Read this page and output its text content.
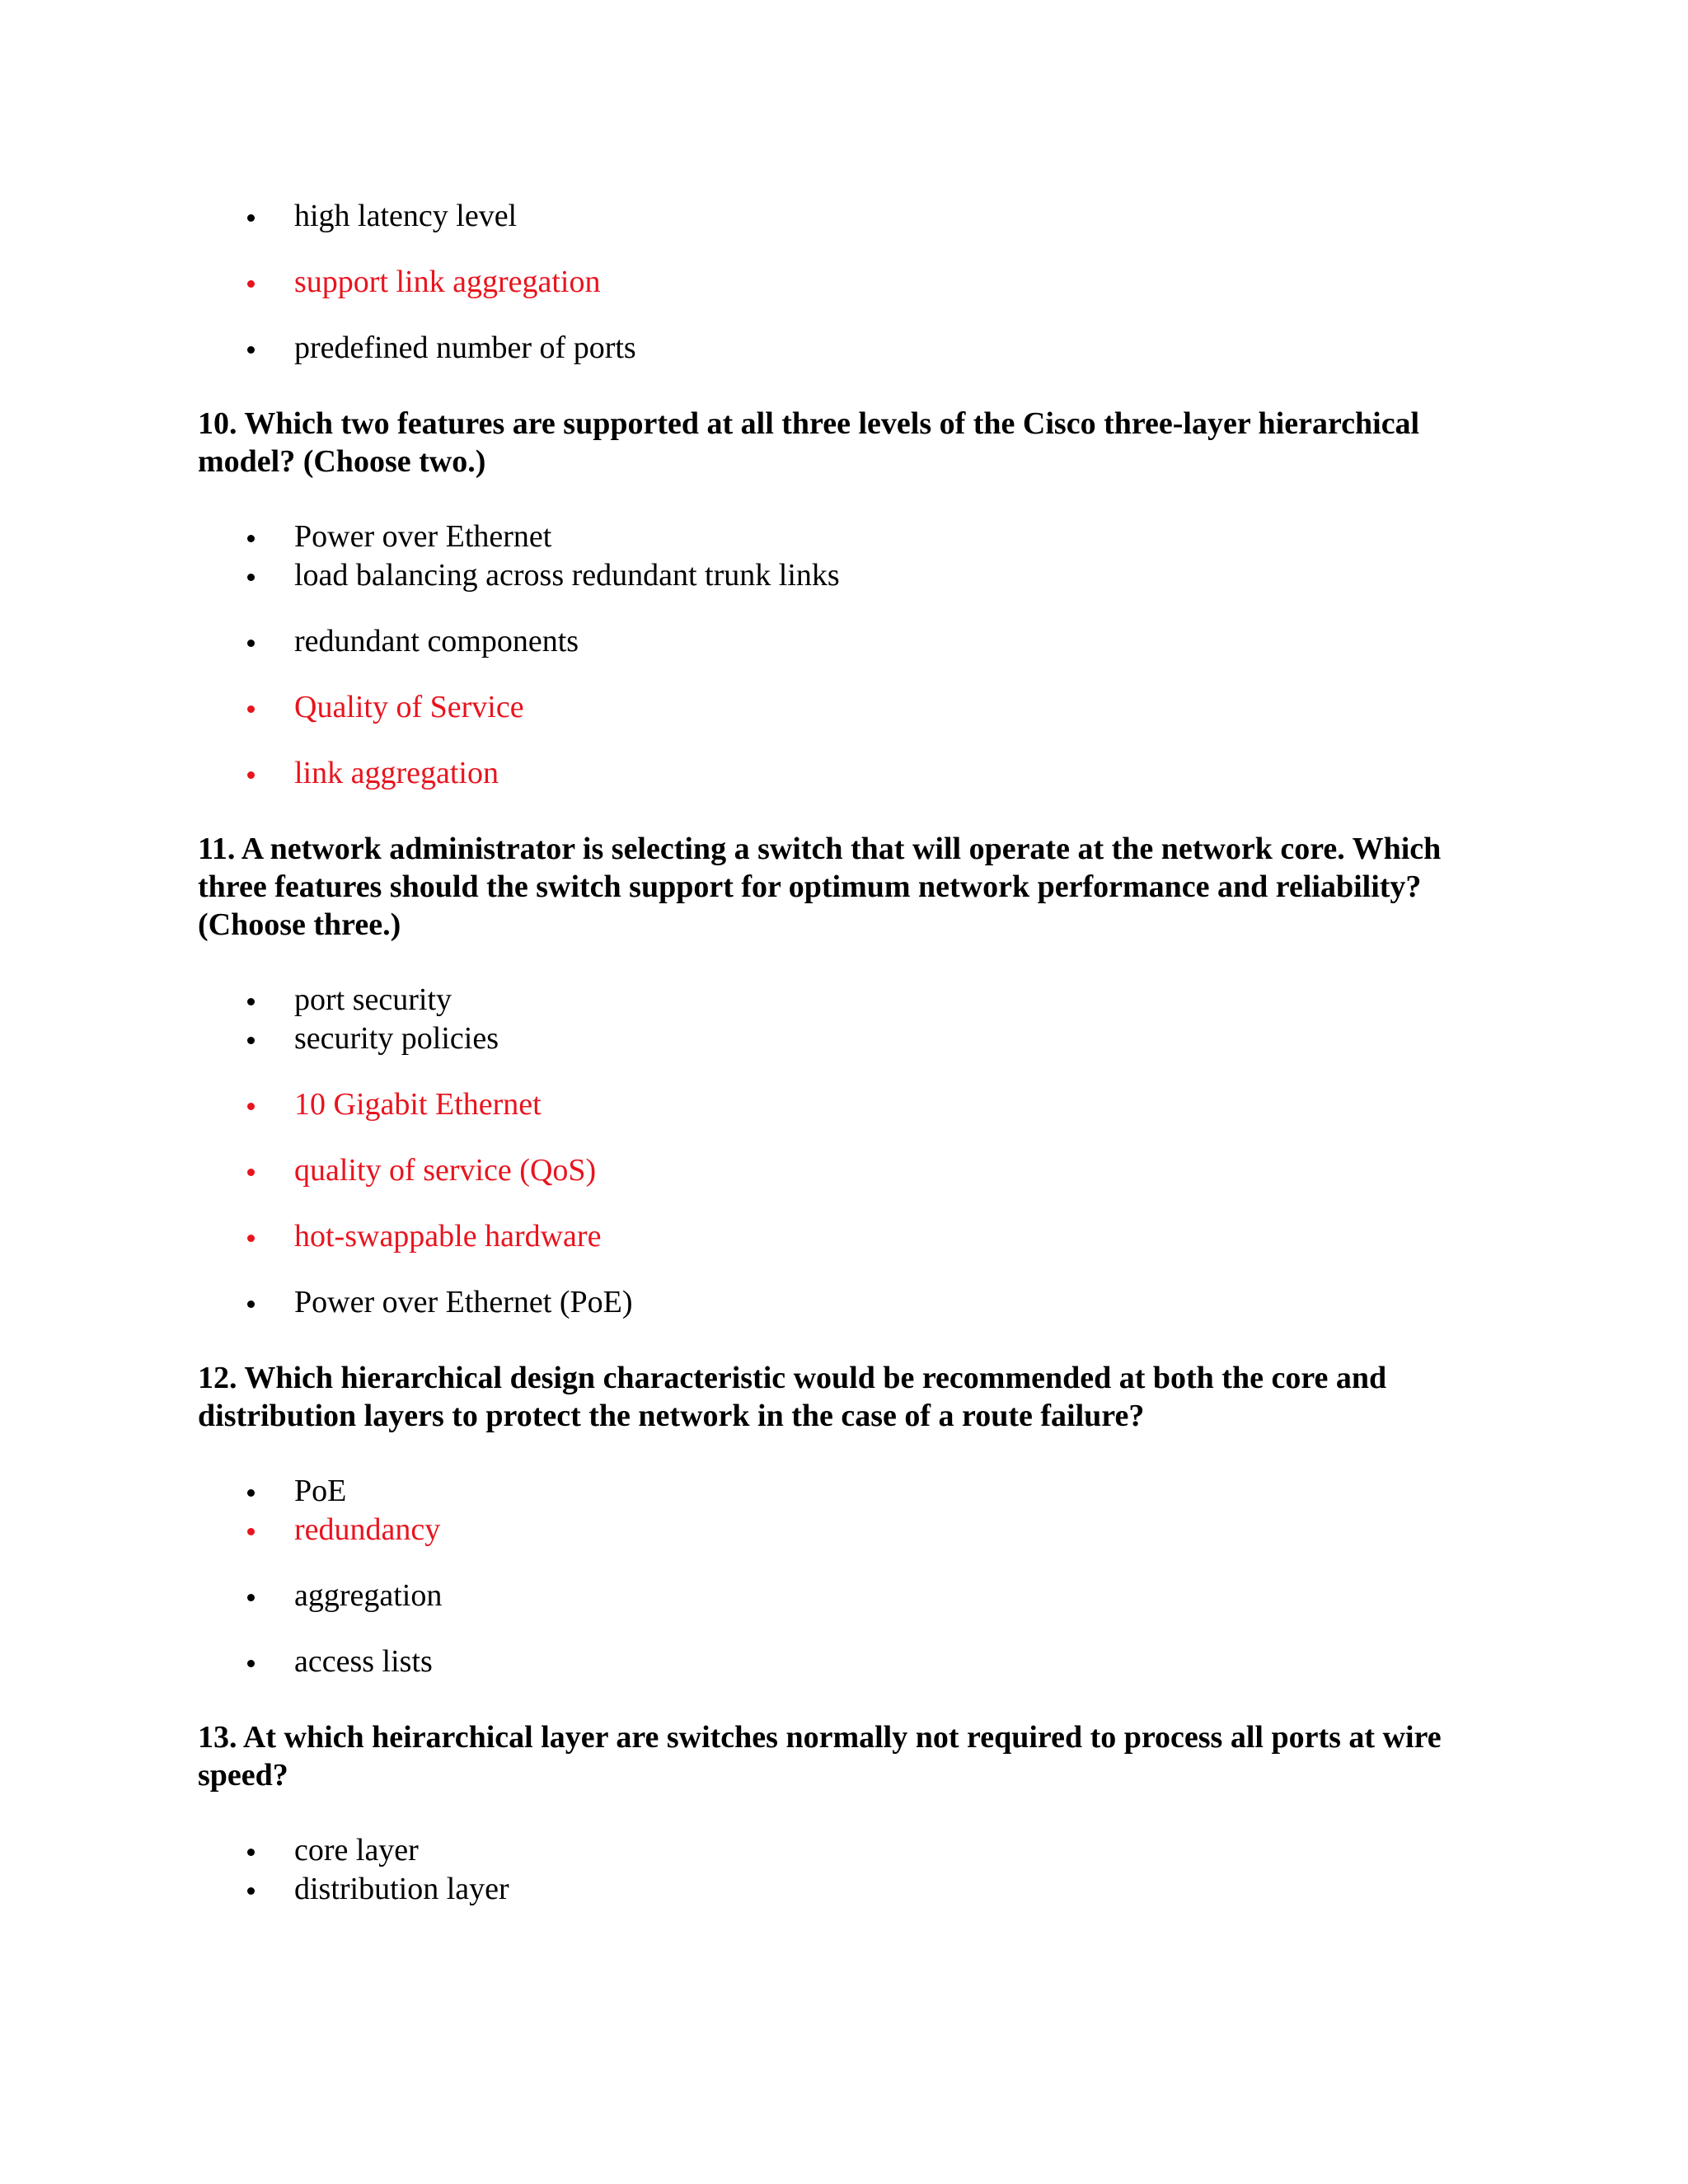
high latency level
support link aggregation
predefined number of ports

10. Which two features are supported at all three levels of the Cisco three-layer hierarchical model? (Choose two.)

Power over Ethernet
load balancing across redundant trunk links
redundant components
Quality of Service
link aggregation

11. A network administrator is selecting a switch that will operate at the network core. Which three features should the switch support for optimum network performance and reliability? (Choose three.)

port security
security policies
10 Gigabit Ethernet
quality of service (QoS)
hot-swappable hardware
Power over Ethernet (PoE)

12. Which hierarchical design characteristic would be recommended at both the core and distribution layers to protect the network in the case of a route failure?

PoE
redundancy
aggregation
access lists

13. At which heirarchical layer are switches normally not required to process all ports at wire speed?

core layer
distribution layer
